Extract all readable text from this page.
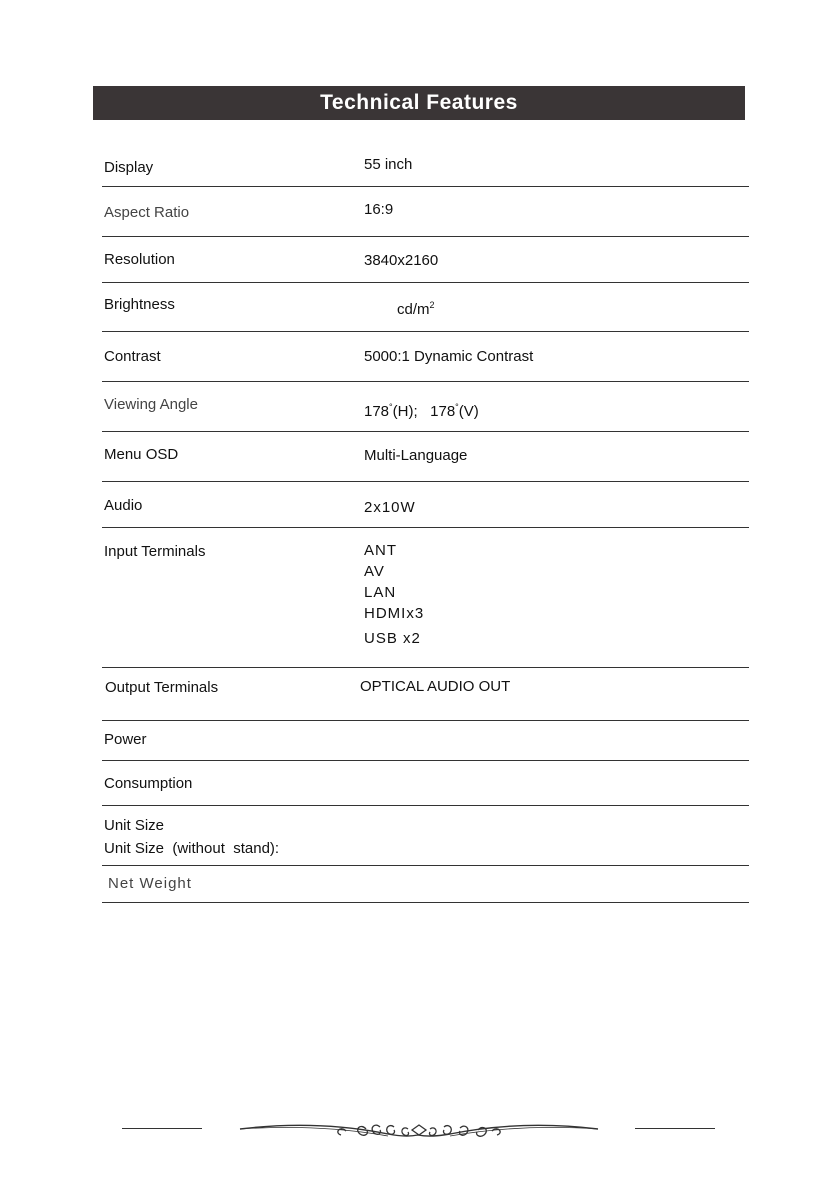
Technical Features
Display	55 inch
Aspect Ratio	16:9
Resolution	3840x2160
Brightness	$cd/m^2$
Contrast	5000:1 Dynamic Contrast
Viewing Angle	178°(H);   178°(V)
Menu OSD	Multi-Language
Audio	2x10W
Input Terminals	ANT
AV
LAN
HDMIx3
USB x2
Output Terminals	OPTICAL AUDIO OUT
Power
Consumption
Unit Size
Unit Size  (without  stand):
Net Weight
